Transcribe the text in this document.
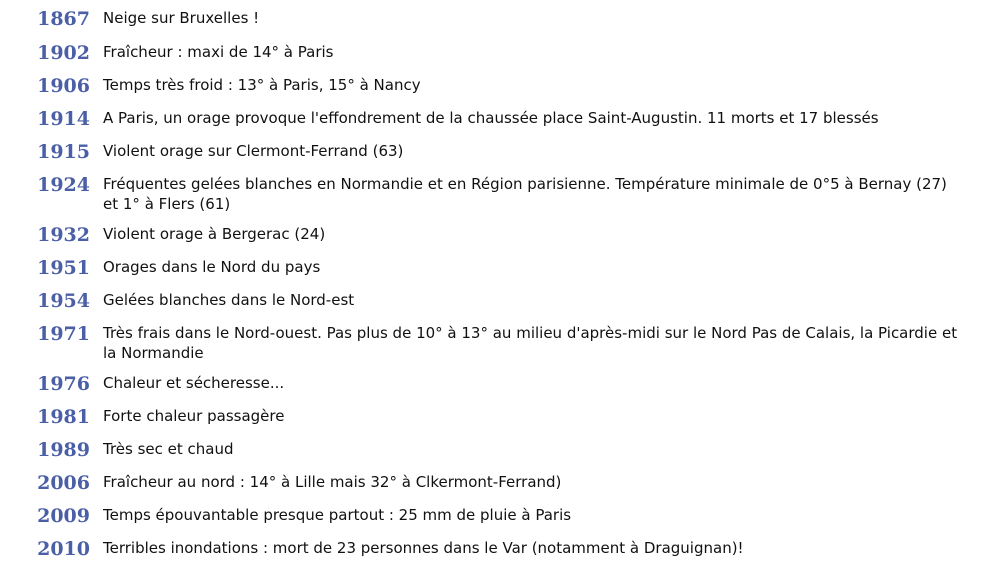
1867 Neige sur Bruxelles !
1902 Fraîcheur : maxi de 14° à Paris
1906 Temps très froid : 13° à Paris, 15° à Nancy
1914 A Paris, un orage provoque l'effondrement de la chaussée place Saint-Augustin. 11 morts et 17 blessés
1915 Violent orage sur Clermont-Ferrand (63)
1924 Fréquentes gelées blanches en Normandie et en Région parisienne. Température minimale de 0°5 à Bernay (27) et 1° à Flers (61)
1932 Violent orage à Bergerac (24)
1951 Orages dans le Nord du pays
1954 Gelées blanches dans le Nord-est
1971 Très frais dans le Nord-ouest. Pas plus de 10° à 13° au milieu d'après-midi sur le Nord Pas de Calais, la Picardie et la Normandie
1976 Chaleur et sécheresse...
1981 Forte chaleur passagère
1989 Très sec et chaud
2006 Fraîcheur au nord : 14° à Lille mais 32° à Clkermont-Ferrand)
2009 Temps épouvantable presque partout : 25 mm de pluie à Paris
2010 Terribles inondations : mort de 23 personnes dans le Var (notamment à Draguignan)!
